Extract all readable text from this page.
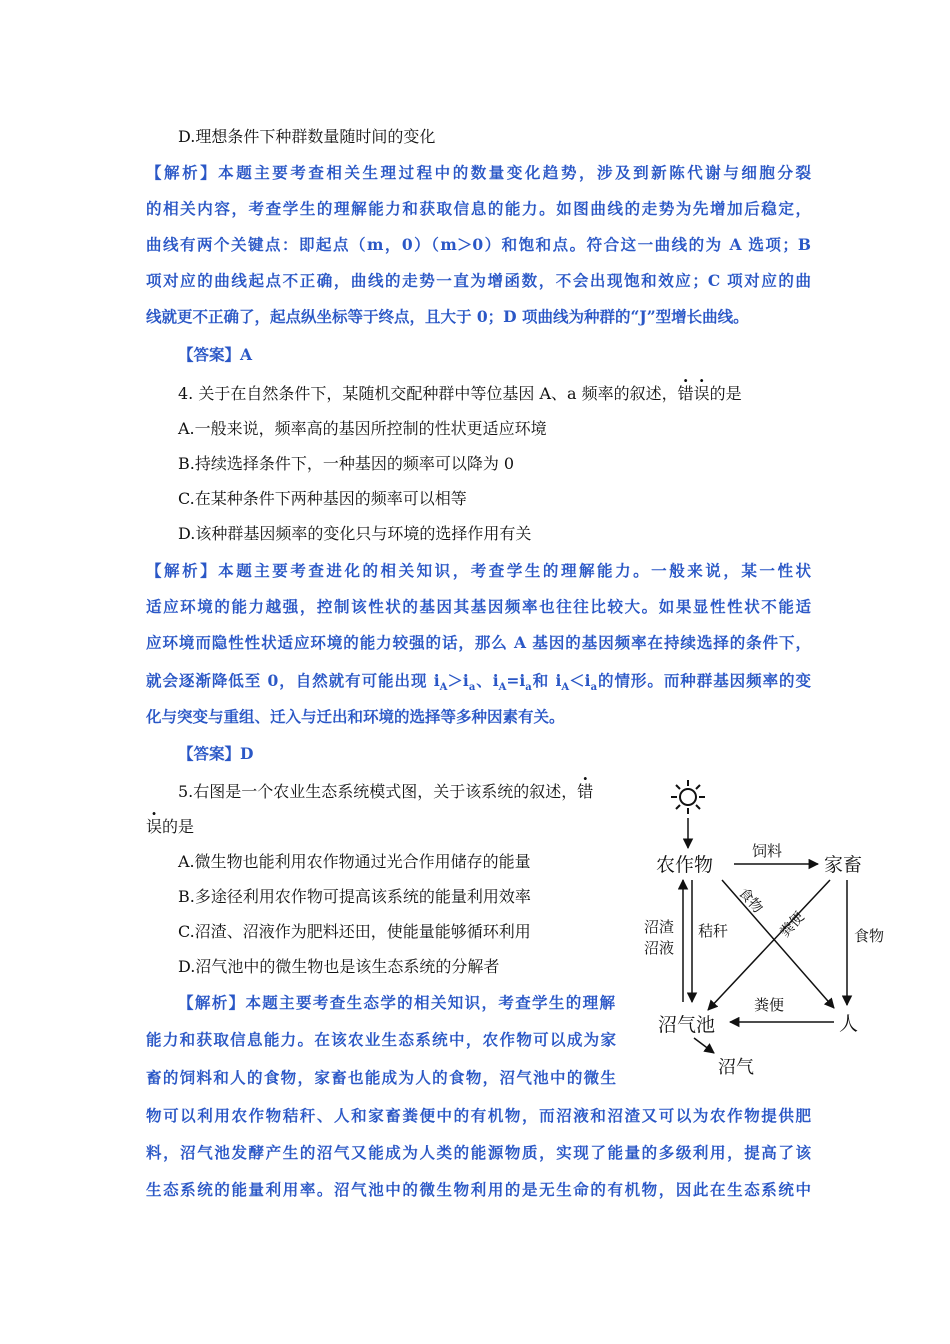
D.理想条件下种群数量随时间的变化
【解析】本题主要考查相关生理过程中的数量变化趋势，涉及到新陈代谢与细胞分裂
的相关内容，考查学生的理解能力和获取信息的能力。如图曲线的走势为先增加后稳定，
曲线有两个关键点：即起点（m，0）（m＞0）和饱和点。符合这一曲线的为 A 选项；B
项对应的曲线起点不正确，曲线的走势一直为增函数，不会出现饱和效应；C 项对应的曲
线就更不正确了，起点纵坐标等于终点，且大于 0；D 项曲线为种群的“J”型增长曲线。
【答案】A
4. 关于在自然条件下，某随机交配种群中等位基因 A、a 频率的叙述，错误的是
A.一般来说，频率高的基因所控制的性状更适应环境
B.持续选择条件下，一种基因的频率可以降为 0
C.在某种条件下两种基因的频率可以相等
D.该种群基因频率的变化只与环境的选择作用有关
【解析】本题主要考查进化的相关知识，考查学生的理解能力。一般来说，某一性状
适应环境的能力越强，控制该性状的基因其基因频率也往往比较大。如果显性性状不能适
应环境而隐性性状适应环境的能力较强的话，那么 A 基因的基因频率在持续选择的条件下，
就会逐渐降低至 0，自然就有可能出现 $i_A>i_a$、$i_A=i_a$和 $i_A<i_a$的情形。而种群基因频率的变
化与突变与重组、迁入与迁出和环境的选择等多种因素有关。
【答案】D
5.右图是一个农业生态系统模式图，关于该系统的叙述，错
误的是
A.微生物也能利用农作物通过光合作用储存的能量
B.多途径利用农作物可提高该系统的能量利用效率
C.沼渣、沼液作为肥料还田，使能量能够循环利用
D.沼气池中的微生物也是该生态系统的分解者
【解析】本题主要考查生态学的相关知识，考查学生的理解
能力和获取信息能力。在该农业生态系统中，农作物可以成为家
畜的饲料和人的食物，家畜也能成为人的食物，沼气池中的微生
物可以利用农作物秸秆、人和家畜粪便中的有机物，而沼液和沼渣又可以为农作物提供肥
料，沼气池发酵产生的沼气又能成为人类的能源物质，实现了能量的多级利用，提高了该
生态系统的能量利用率。沼气池中的微生物利用的是无生命的有机物，因此在生态系统中
农作物	家畜
人
沼气池
沼气
饲料
食物
食物
粪便
粪便
沼渣
沼液
秸秆
